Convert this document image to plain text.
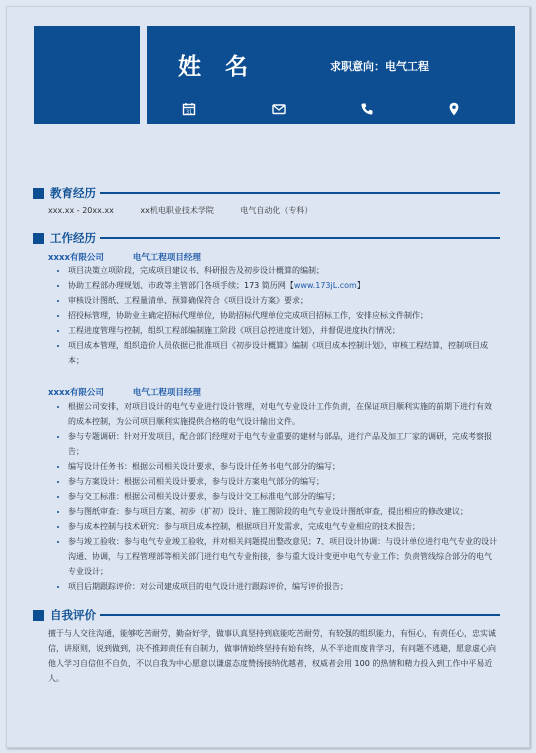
姓 名	求职意向：电气工程
31
教育经历
xxx.xx - 20xx.xx	xx机电职业技术学院	电气自动化（专科）
工作经历
xxxx有限公司	电气工程项目经理
• 项目决策立项阶段，完成项目建议书、科研报告及初步设计概算的编制；
• 协助工程部办理规划、市政等主管部门各项手续；173 简历网【www.173jL.com】
• 审核设计图纸、工程量清单、预算确保符合《项目设计方案》要求；
• 招投标管理，协助业主确定招标代理单位，协助招标代理单位完成项目招标工作，安排应标文件制作；
• 工程进度管理与控制，组织工程部编制施工阶段《项目总控进度计划》，并督促进度执行情况；
• 项目成本管理，组织造价人员依据已批准项目《初步设计概算》编制《项目成本控制计划》，审核工程结算，控制项目成本；
xxxx有限公司	电气工程项目经理
• 根据公司安排，对项目设计的电气专业进行设计管理，对电气专业设计工作负责，在保证项目顺利实施的前期下进行有效的成本控制，为公司项目顺利实施提供合格的电气设计输出文件。
• 参与专题调研：针对开发项目，配合部门经理对于电气专业重要的建材与部品，进行产品及加工厂家的调研，完成考察报告；
• 编写设计任务书：根据公司相关设计要求，参与设计任务书电气部分的编写；
• 参与方案设计：根据公司相关设计要求，参与设计方案电气部分的编写；
• 参与交工标准：根据公司相关设计要求，参与设计交工标准电气部分的编写；
• 参与图纸审查：参与项目方案、初步（扩初）设计、施工图阶段的电气专业设计图纸审查，提出相应的修改建议；
• 参与成本控制与技术研究：参与项目成本控制，根据项目开发需求，完成电气专业相应的技术报告；
• 参与竣工验收：参与电气专业竣工验收，并对相关问题提出整改意见；7、项目设计协调：与设计单位进行电气专业的设计沟通、协调，与工程管理部等相关部门进行电气专业衔接，参与重大设计变更中电气专业工作；负责管线综合部分的电气专业设计；
• 项目后期跟踪评价：对公司建成项目的电气设计进行跟踪评价，编写评价报告；
自我评价
擅于与人交往沟通，能够吃苦耐劳，勤奋好学，做事认真坚持到底能吃苦耐劳，有较强的组织能力，有恒心，有责任心，忠实诚信，讲原则，说到做到，决不推卸责任有自制力，做事情始终坚持有始有终，从不半途而废肯学习，有问题不逃避，愿意虚心向他人学习自信但不自负，不以自我为中心愿意以谦虚态度赞扬接纳优越者，权威者会用 100 的热情和精力投入到工作中平易近人。
